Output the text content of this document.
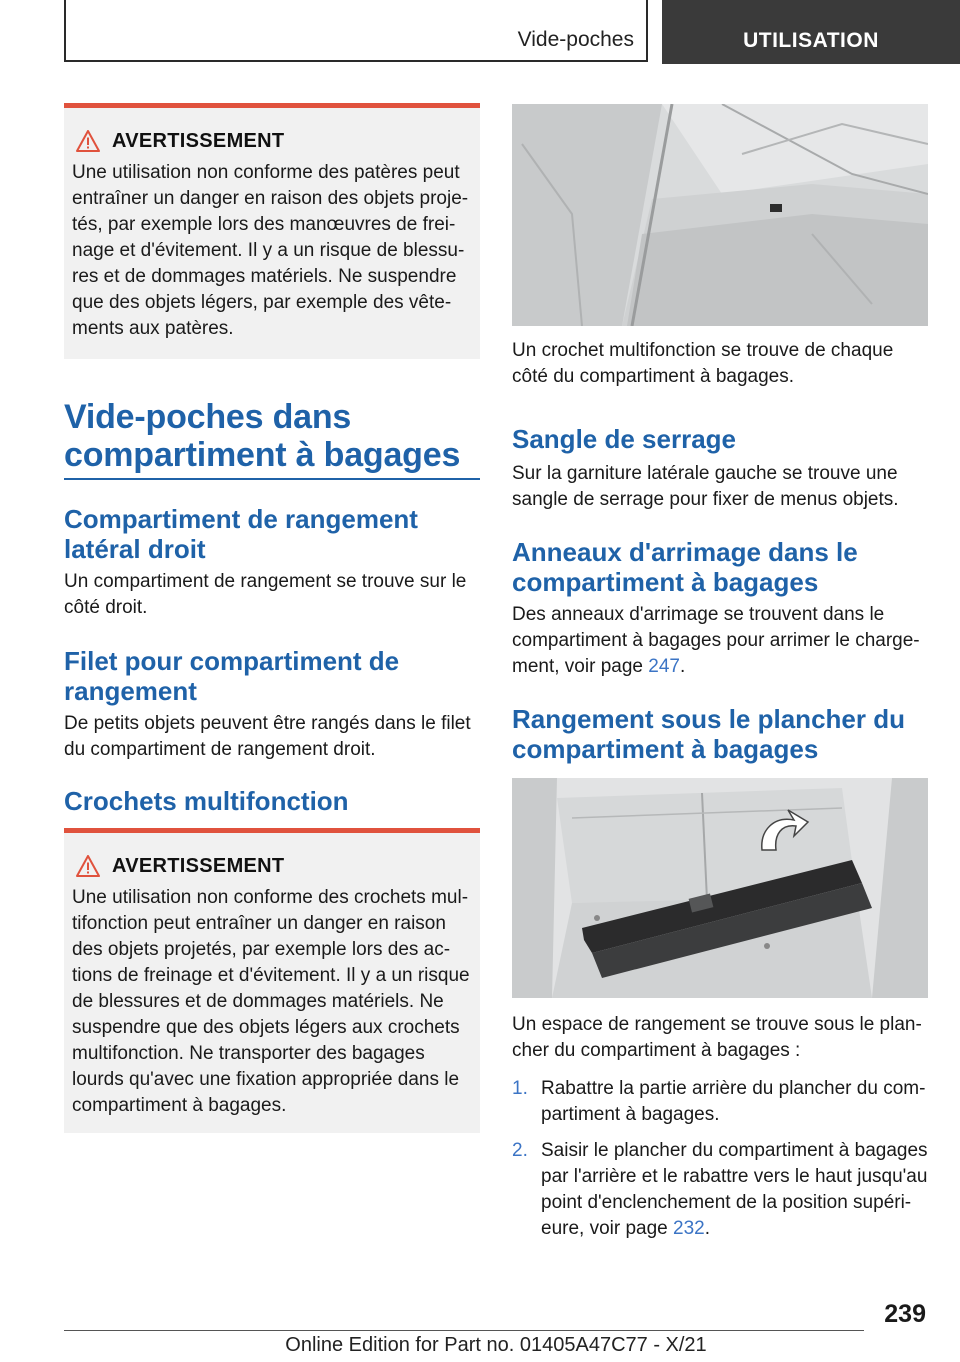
Vide-poches	UTILISATION
AVERTISSEMENT
Une utilisation non conforme des patères peut
entraîner un danger en raison des objets proje‐
tés, par exemple lors des manœuvres de frei‐
nage et d'évitement. Il y a un risque de blessu‐
res et de dommages matériels. Ne suspendre
que des objets légers, par exemple des vête‐
ments aux patères.
Vide-poches dans
compartiment à bagages
Compartiment de rangement
latéral droit
Un compartiment de rangement se trouve sur le
côté droit.
Filet pour compartiment de
rangement
De petits objets peuvent être rangés dans le filet
du compartiment de rangement droit.
Crochets multifonction
AVERTISSEMENT
Une utilisation non conforme des crochets mul‐
tifonction peut entraîner un danger en raison
des objets projetés, par exemple lors des ac‐
tions de freinage et d'évitement. Il y a un risque
de blessures et de dommages matériels. Ne
suspendre que des objets légers aux crochets
multifonction. Ne transporter des bagages
lourds qu'avec une fixation appropriée dans le
compartiment à bagages.
Un crochet multifonction se trouve de chaque
côté du compartiment à bagages.
Sangle de serrage
Sur la garniture latérale gauche se trouve une
sangle de serrage pour fixer de menus objets.
Anneaux d'arrimage dans le
compartiment à bagages
Des anneaux d'arrimage se trouvent dans le
compartiment à bagages pour arrimer le charge‐
ment, voir page 247.
Rangement sous le plancher du
compartiment à bagages
Un espace de rangement se trouve sous le plan‐
cher du compartiment à bagages :
1. Rabattre la partie arrière du plancher du com‐
partiment à bagages.
2. Saisir le plancher du compartiment à bagages
par l'arrière et le rabattre vers le haut jusqu'au
point d'enclenchement de la position supéri‐
eure, voir page 232.
239
Online Edition for Part no. 01405A47C77 - X/21
